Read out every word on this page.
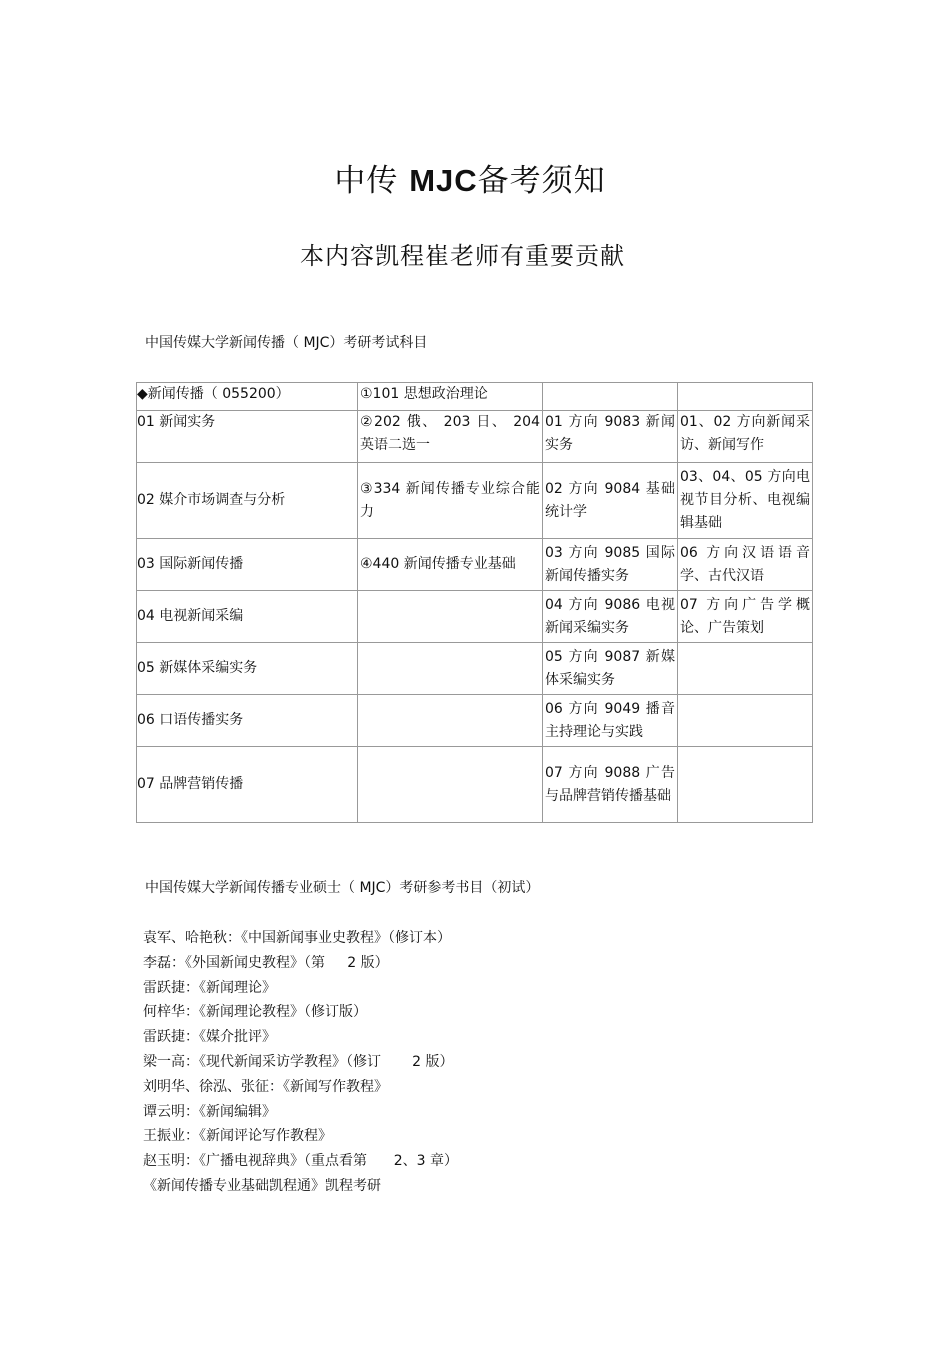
中传 MJC备考须知
本内容凯程崔老师有重要贡献
中国传媒大学新闻传播（ MJC）考研考试科目
◆新闻传播（ 055200）	①101 思想政治理论		
01 新闻实务	②202 俄、 203 日、 204 英语二选一	01 方向 9083 新闻实务	01、02 方向新闻采访、新闻写作
02 媒介市场调查与分析	③334 新闻传播专业综合能力	02 方向 9084 基础统计学	03、04、05 方向电视节目分析、电视编辑基础
03 国际新闻传播	④440 新闻传播专业基础	03 方向 9085 国际新闻传播实务	06 方向汉语语音学、古代汉语
04 电视新闻采编		04 方向 9086 电视新闻采编实务	07 方向广告学概论、广告策划
05 新媒体采编实务		05 方向 9087 新媒体采编实务	
06 口语传播实务		06 方向 9049 播音主持理论与实践	
07 品牌营销传播		07 方向 9088 广告与品牌营销传播基础	
中国传媒大学新闻传播专业硕士（ MJC）考研参考书目（初试）
袁军、哈艳秋：《中国新闻事业史教程》（修订本）
李磊：《外国新闻史教程》（第     2 版）
雷跃捷：《新闻理论》
何梓华：《新闻理论教程》（修订版）
雷跃捷：《媒介批评》
梁一高：《现代新闻采访学教程》（修订       2 版）
刘明华、徐泓、张征：《新闻写作教程》
谭云明：《新闻编辑》
王振业：《新闻评论写作教程》
赵玉明：《广播电视辞典》（重点看第      2、3 章）
《新闻传播专业基础凯程通》凯程考研
